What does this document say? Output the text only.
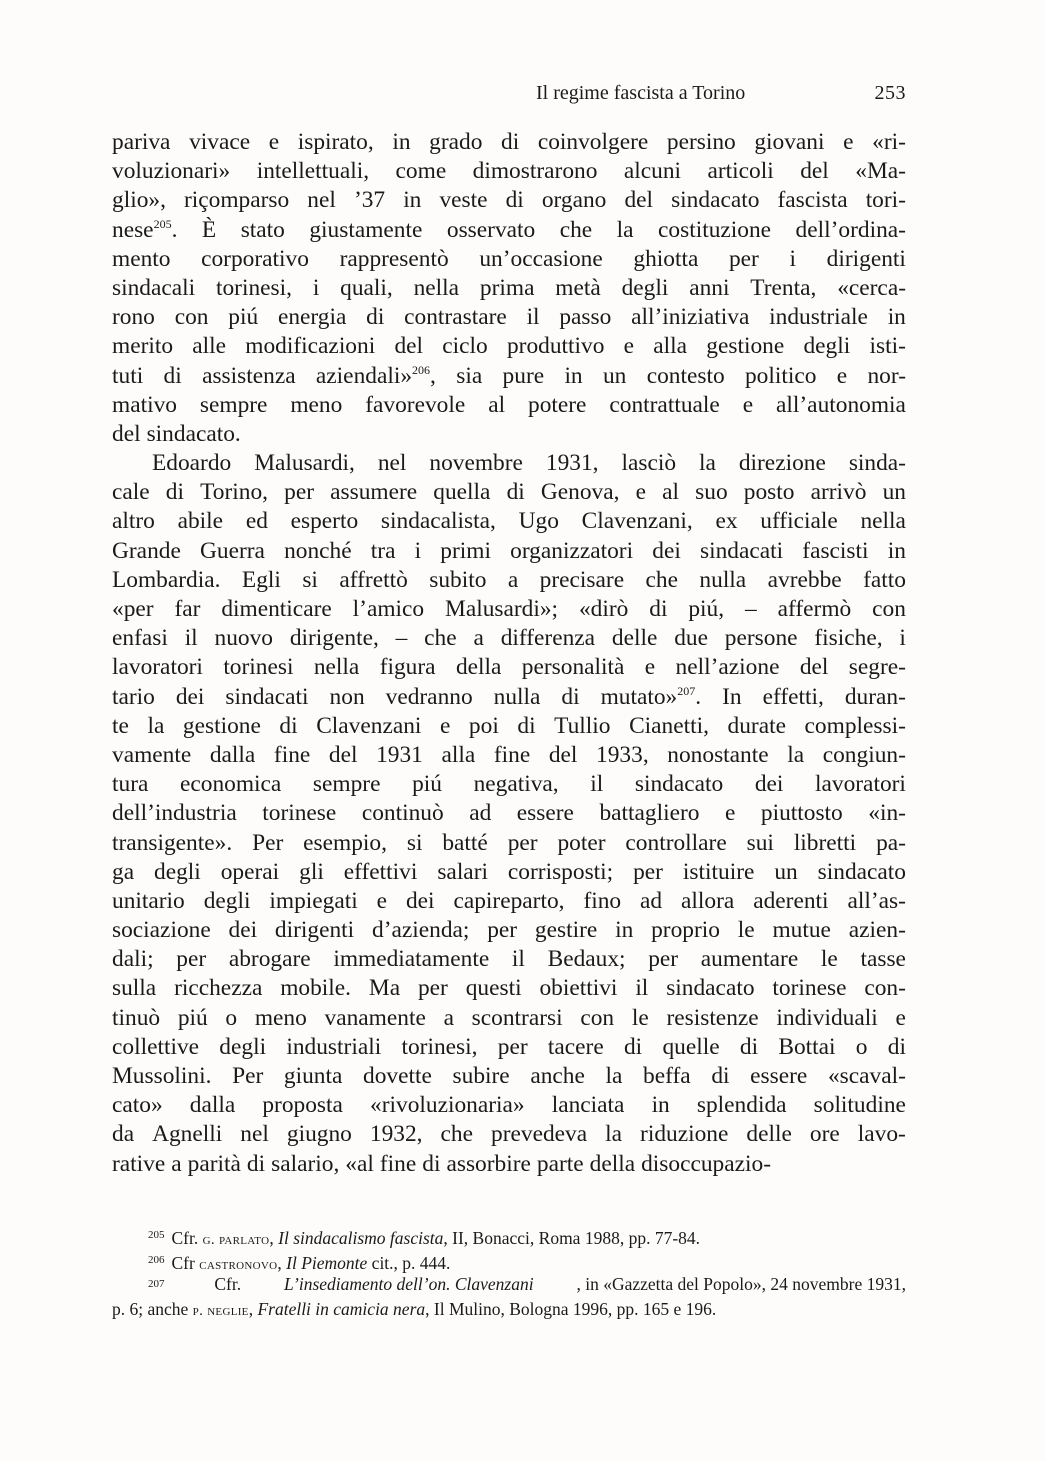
Il regime fascista a Torino	253
pariva vivace e ispirato, in grado di coinvolgere persino giovani e «ri-
voluzionari» intellettuali, come dimostrarono alcuni articoli del «Ma-
glio», riçomparso nel ’37 in veste di organo del sindacato fascista tori-
nese$^{205}$. È stato giustamente osservato che la costituzione dell’ordina-
mento corporativo rappresentò un’occasione ghiotta per i dirigenti
sindacali torinesi, i quali, nella prima metà degli anni Trenta, «cerca-
rono con piú energia di contrastare il passo all’iniziativa industriale in
merito alle modificazioni del ciclo produttivo e alla gestione degli isti-
tuti di assistenza aziendali»$^{206}$, sia pure in un contesto politico e nor-
mativo sempre meno favorevole al potere contrattuale e all’autonomia
del sindacato.
Edoardo Malusardi, nel novembre 1931, lasciò la direzione sinda-
cale di Torino, per assumere quella di Genova, e al suo posto arrivò un
altro abile ed esperto sindacalista, Ugo Clavenzani, ex ufficiale nella
Grande Guerra nonché tra i primi organizzatori dei sindacati fascisti in
Lombardia. Egli si affrettò subito a precisare che nulla avrebbe fatto
«per far dimenticare l’amico Malusardi»; «dirò di piú, – affermò con
enfasi il nuovo dirigente, – che a differenza delle due persone fisiche, i
lavoratori torinesi nella figura della personalità e nell’azione del segre-
tario dei sindacati non vedranno nulla di mutato»$^{207}$. In effetti, duran-
te la gestione di Clavenzani e poi di Tullio Cianetti, durate complessi-
vamente dalla fine del 1931 alla fine del 1933, nonostante la congiun-
tura economica sempre piú negativa, il sindacato dei lavoratori
dell’industria torinese continuò ad essere battagliero e piuttosto «in-
transigente». Per esempio, si batté per poter controllare sui libretti pa-
ga degli operai gli effettivi salari corrisposti; per istituire un sindacato
unitario degli impiegati e dei capireparto, fino ad allora aderenti all’as-
sociazione dei dirigenti d’azienda; per gestire in proprio le mutue azien-
dali; per abrogare immediatamente il Bedaux; per aumentare le tasse
sulla ricchezza mobile. Ma per questi obiettivi il sindacato torinese con-
tinuò piú o meno vanamente a scontrarsi con le resistenze individuali e
collettive degli industriali torinesi, per tacere di quelle di Bottai o di
Mussolini. Per giunta dovette subire anche la beffa di essere «scaval-
cato» dalla proposta «rivoluzionaria» lanciata in splendida solitudine
da Agnelli nel giugno 1932, che prevedeva la riduzione delle ore lavo-
rative a parità di salario, «al fine di assorbire parte della disoccupazio-
$^{205}$ Cfr. g. parlato, Il sindacalismo fascista, II, Bonacci, Roma 1988, pp. 77-84.
$^{206}$ Cfr castronovo, Il Piemonte cit., p. 444.
207	Cfr. L’insediamento dell’on. Clavenzani , in «Gazzetta del Popolo», 24 novembre 1931,
p. 6; anche p. neglie, Fratelli in camicia nera, Il Mulino, Bologna 1996, pp. 165 e 196.
